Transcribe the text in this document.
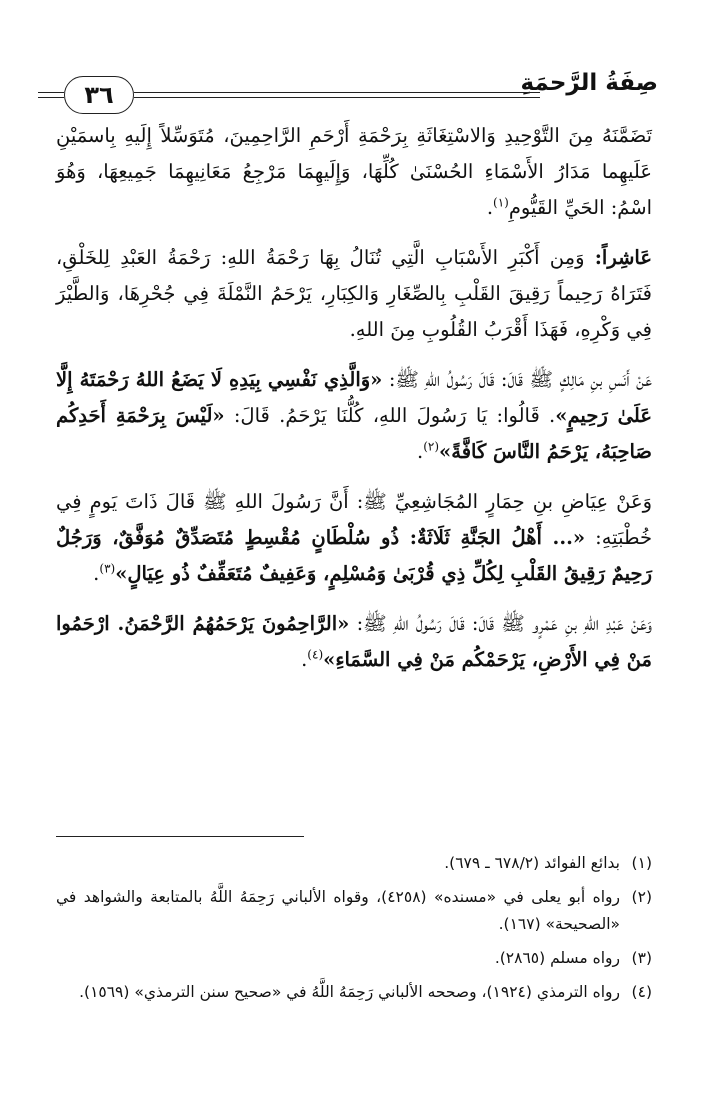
صِفَةُ الرَّحمَةِ
٣٦

تَضَمَّنَهُ مِنَ التَّوْحِيدِ وَالاسْتِغَاثَةِ بِرَحْمَةِ أَرْحَمِ الرَّاحِمِينَ، مُتَوَسِّلاً إِلَيهِ بِاسمَيْنِ عَلَيهِما مَدَارُ الأَسْمَاءِ الحُسْنَىٰ كُلِّهَا، وَإِلَيهِمَا مَرْجِعُ مَعَانِيهِمَا جَمِيعِهَا، وَهُوَ اسْمُ: الحَيِّ القَيُّومِ$^{(١)}$.

عَاشِراً: وَمِن أَكْبَرِ الأَسْبَابِ الَّتِي تُنَالُ بِهَا رَحْمَةُ اللهِ: رَحْمَةُ العَبْدِ لِلخَلْقِ، فَتَرَاهُ رَحِيماً رَقِيقَ القَلْبِ بِالصِّغَارِ وَالكِبَارِ، يَرْحَمُ النَّمْلَةَ فِي جُحْرِهَا، وَالطَّيْرَ فِي وَكْرِهِ، فَهَذَا أَقْرَبُ القُلُوبِ مِنَ اللهِ.

عَنْ أَنَسِ بنِ مَالِكٍ ﷺ قَالَ: قَالَ رَسُولُ اللهِ ﷺ: «وَالَّذِي نَفْسِي بِيَدِهِ لَا يَضَعُ اللهُ رَحْمَتَهُ إِلَّا عَلَىٰ رَحِيمٍ». قَالُوا: يَا رَسُولَ اللهِ، كُلُّنَا يَرْحَمُ. قَالَ: «لَيْسَ بِرَحْمَةِ أَحَدِكُم صَاحِبَهُ، يَرْحَمُ النَّاسَ كَافَّةً»$^{(٢)}$.

وَعَنْ عِيَاضِ بنِ حِمَارٍ المُجَاشِعِيِّ ﷺ: أَنَّ رَسُولَ اللهِ ﷺ قَالَ ذَاتَ يَومٍ فِي خُطْبَتِهِ: «... أَهْلُ الجَنَّةِ ثَلَاثَةٌ: ذُو سُلْطَانٍ مُقْسِطٍ مُتَصَدِّقٌ مُوَفَّقٌ، وَرَجُلٌ رَحِيمٌ رَقِيقُ القَلْبِ لِكُلِّ ذِي قُرْبَىٰ وَمُسْلِمٍ، وَعَفِيفٌ مُتَعَفِّفٌ ذُو عِيَالٍ»$^{(٣)}$.

وَعَنْ عَبْدِ اللهِ بنِ عَمْرٍو ﷺ قَالَ: قَالَ رَسُولُ اللهِ ﷺ: «الرَّاحِمُونَ يَرْحَمُهُمُ الرَّحْمَنُ. ارْحَمُوا مَنْ فِي الأَرْضِ، يَرْحَمْكُم مَنْ فِي السَّمَاءِ»$^{(٤)}$.

(١)
بدائع الفوائد (٦٧٨/٢ ـ ٦٧٩).
(٢)
رواه أبو يعلى في «مسنده» (٤٢٥٨)، وقواه الألباني رَحِمَهُ اللَّهُ بالمتابعة والشواهد في «الصحيحة» (١٦٧).
(٣)
رواه مسلم (٢٨٦٥).
(٤)
رواه الترمذي (١٩٢٤)، وصححه الألباني رَحِمَهُ اللَّهُ في «صحيح سنن الترمذي» (١٥٦٩).
